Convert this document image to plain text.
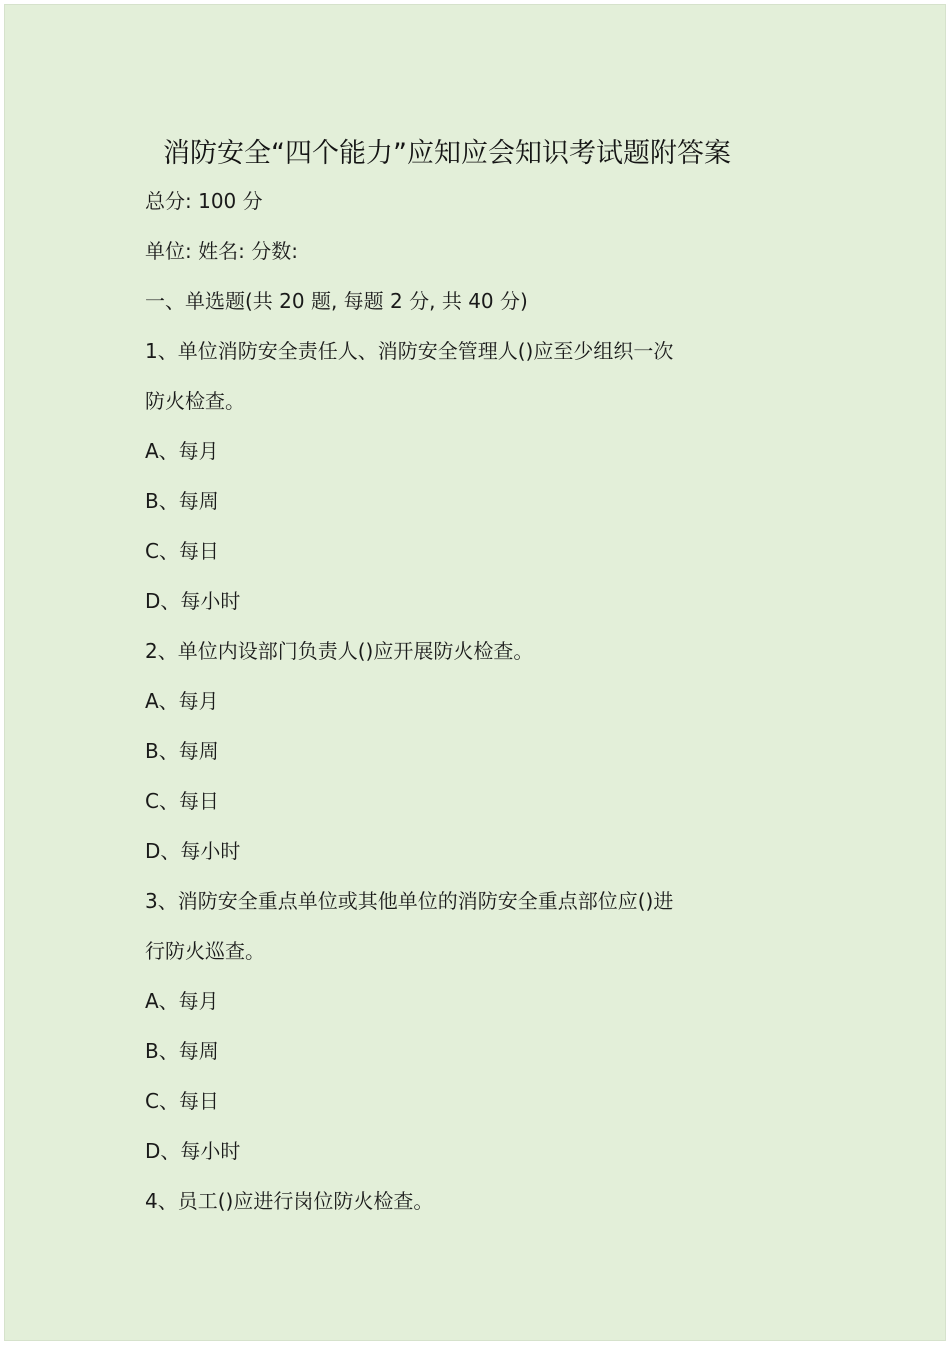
消防安全“四个能力”应知应会知识考试题附答案
总分: 100 分
单位: 姓名: 分数:
一、单选题(共 20 题, 每题 2 分, 共 40 分)
1、单位消防安全责任人、消防安全管理人()应至少组织一次
防火检查。
A、每月
B、每周
C、每日
D、每小时
2、单位内设部门负责人()应开展防火检查。
A、每月
B、每周
C、每日
D、每小时
3、消防安全重点单位或其他单位的消防安全重点部位应()进
行防火巡查。
A、每月
B、每周
C、每日
D、每小时
4、员工()应进行岗位防火检查。
